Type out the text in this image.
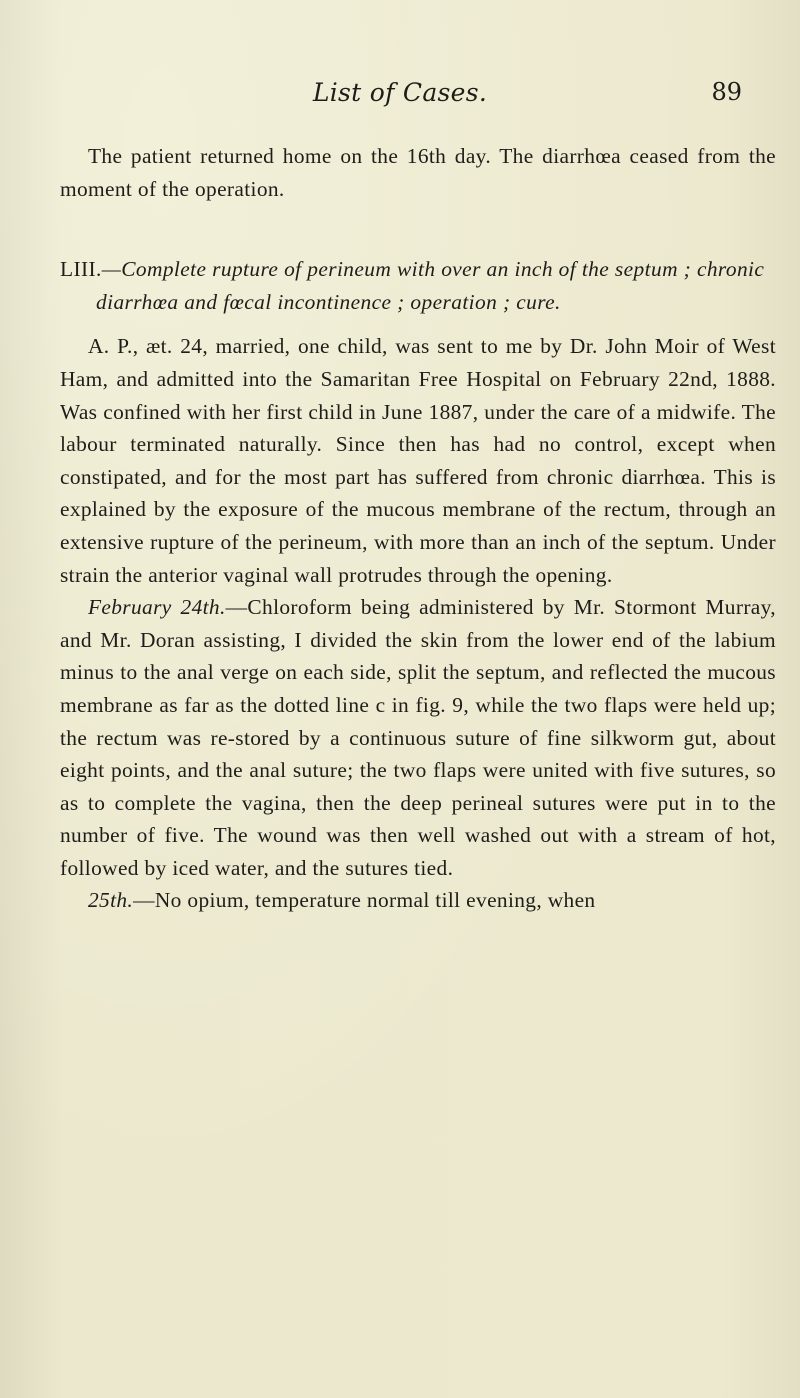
List of Cases.	89

The patient returned home on the 16th day. The diarrhœa ceased from the moment of the operation.

LIII.—Complete rupture of perineum with over an inch of the septum ; chronic diarrhœa and fœcal incontinence ; operation ; cure.

A. P., æt. 24, married, one child, was sent to me by Dr. John Moir of West Ham, and admitted into the Samaritan Free Hospital on February 22nd, 1888. Was confined with her first child in June 1887, under the care of a midwife. The labour terminated naturally. Since then has had no control, except when constipated, and for the most part has suffered from chronic diarrhœa. This is explained by the exposure of the mucous membrane of the rectum, through an extensive rupture of the perineum, with more than an inch of the septum. Under strain the anterior vaginal wall protrudes through the opening.

February 24th.—Chloroform being administered by Mr. Stormont Murray, and Mr. Doran assisting, I divided the skin from the lower end of the labium minus to the anal verge on each side, split the septum, and reflected the mucous membrane as far as the dotted line c in fig. 9, while the two flaps were held up; the rectum was re-stored by a continuous suture of fine silkworm gut, about eight points, and the anal suture; the two flaps were united with five sutures, so as to complete the vagina, then the deep perineal sutures were put in to the number of five. The wound was then well washed out with a stream of hot, followed by iced water, and the sutures tied.

25th.—No opium, temperature normal till evening, when
